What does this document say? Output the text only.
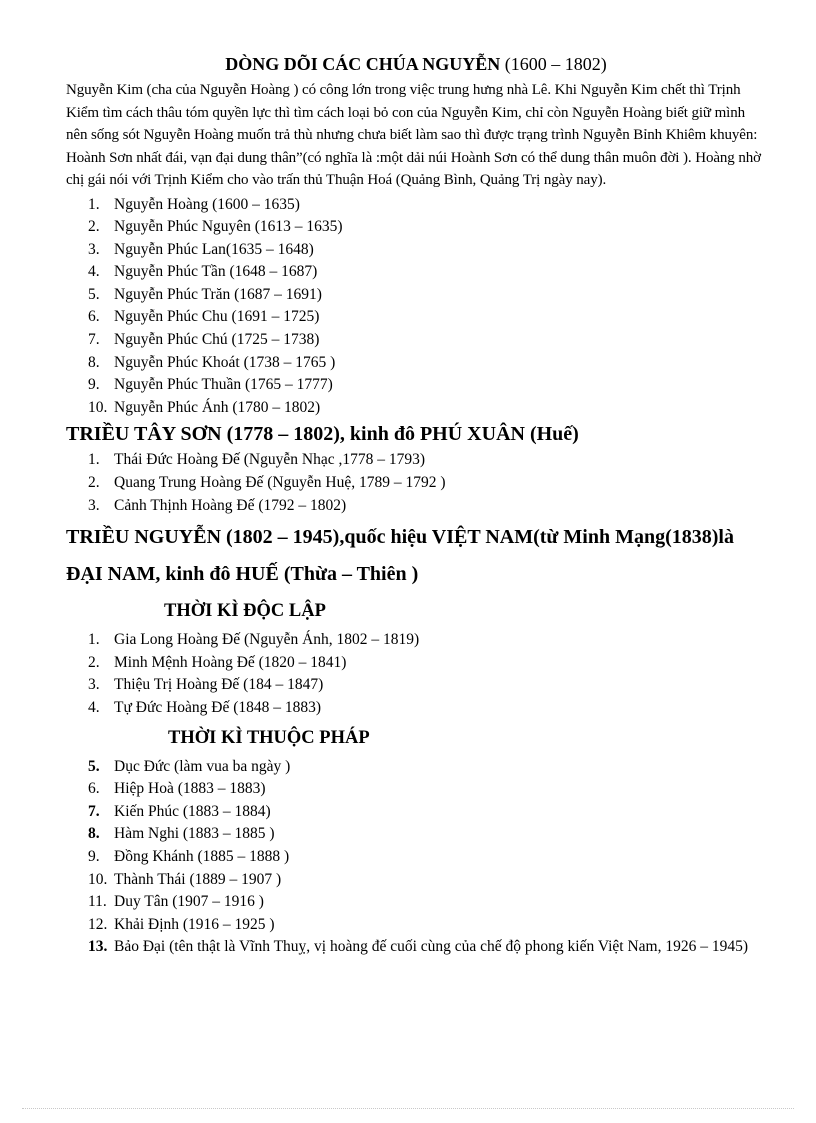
DÒNG DÕI CÁC CHÚA NGUYỄN (1600 – 1802)

Nguyễn Kim (cha của Nguyễn Hoàng ) có công lớn trong việc trung hưng nhà Lê. Khi Nguyễn Kim chết thì Trịnh Kiểm tìm cách thâu tóm quyền lực thì tìm cách loại bỏ con của Nguyễn Kim, chỉ còn Nguyễn Hoàng biết giữ mình nên sống sót Nguyễn Hoàng muốn trả thù nhưng chưa biết làm sao thì được trạng trình Nguyễn Bỉnh Khiêm khuyên: Hoành Sơn nhất đái, vạn đại dung thân”(có nghĩa là :một dải núi Hoành Sơn có thể dung thân muôn đời ). Hoàng nhờ chị gái nói với Trịnh Kiểm cho vào trấn thủ Thuận Hoá (Quảng Bình, Quảng Trị ngày nay).

1. Nguyễn Hoàng (1600 – 1635)
2. Nguyễn Phúc Nguyên (1613 – 1635)
3. Nguyễn Phúc Lan(1635 – 1648)
4. Nguyễn Phúc Tần (1648 – 1687)
5. Nguyễn Phúc Trăn (1687 – 1691)
6. Nguyễn Phúc Chu (1691 – 1725)
7. Nguyễn Phúc Chú (1725 – 1738)
8. Nguyễn Phúc Khoát (1738 – 1765 )
9. Nguyễn Phúc Thuần (1765 – 1777)
10. Nguyễn Phúc Ánh (1780 – 1802)
TRIỀU TÂY SƠN (1778 – 1802), kinh đô PHÚ XUÂN (Huế)
1. Thái Đức Hoàng Đế (Nguyễn Nhạc ,1778 – 1793)
2. Quang Trung Hoàng Đế (Nguyễn Huệ, 1789 – 1792 )
3. Cảnh Thịnh Hoàng Đế (1792 – 1802)
TRIỀU NGUYỄN (1802 – 1945),quốc hiệu VIỆT NAM(từ Minh Mạng(1838)là
ĐẠI NAM, kinh đô HUẾ (Thừa – Thiên )
THỜI KÌ ĐỘC LẬP
1. Gia Long Hoàng Đế (Nguyễn Ánh, 1802 – 1819)
2. Minh Mệnh Hoàng Đế (1820 – 1841)
3. Thiệu Trị Hoàng Đế (184 – 1847)
4. Tự Đức Hoàng Đế (1848 – 1883)
THỜI KÌ THUỘC PHÁP
5. Dục Đức (làm vua ba ngày )
6. Hiệp Hoà (1883 – 1883)
7. Kiến Phúc (1883 – 1884)
8. Hàm Nghi (1883 – 1885 )
9. Đồng Khánh (1885 – 1888 )
10. Thành Thái (1889 – 1907 )
11. Duy Tân (1907 – 1916 )
12. Khải Định (1916 – 1925 )
13. Bảo Đại (tên thật là Vĩnh Thuỵ, vị hoàng đế cuối cùng của chế độ phong kiến Việt Nam, 1926 – 1945)
